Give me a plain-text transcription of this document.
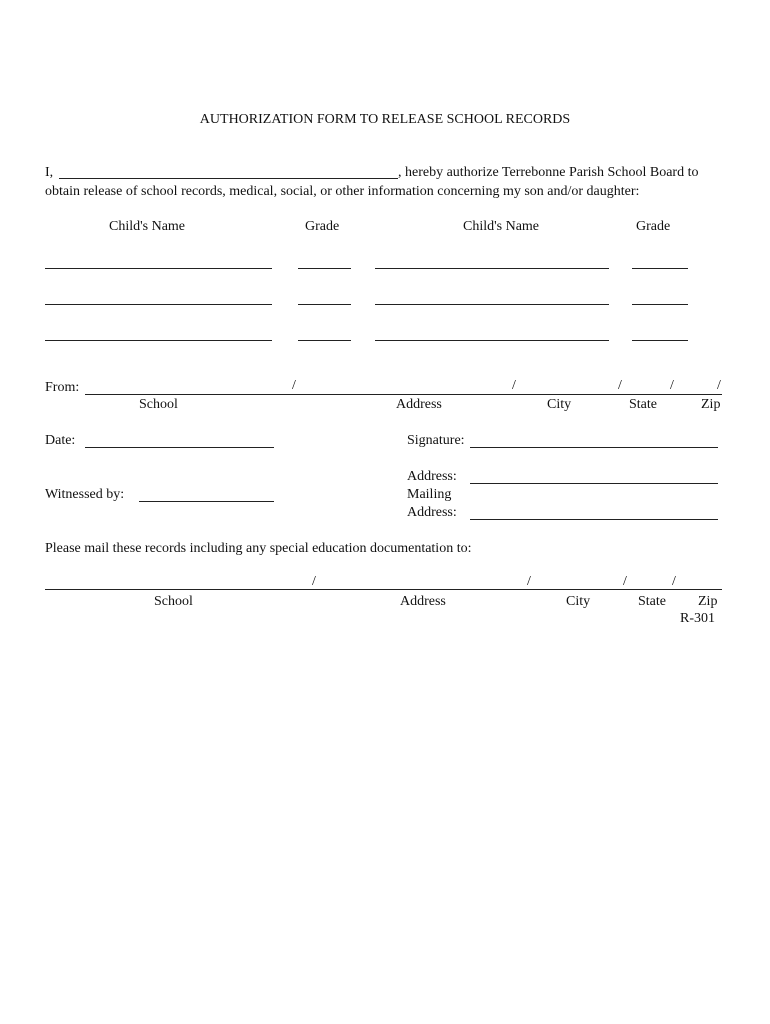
AUTHORIZATION FORM TO RELEASE SCHOOL RECORDS
I,	, hereby authorize Terrebonne Parish School Board to
obtain release of school records, medical, social, or other information concerning my son and/or daughter:
Child's Name	Grade	Child's Name	Grade
From:	/	/	/	/	/
School	Address	City	State	Zip
Date:	Signature:
Address:
Mailing
Address:
Witnessed by:
Please mail these records including any special education documentation to:
/	/	/	/
School	Address	City	State Zip
R-301
